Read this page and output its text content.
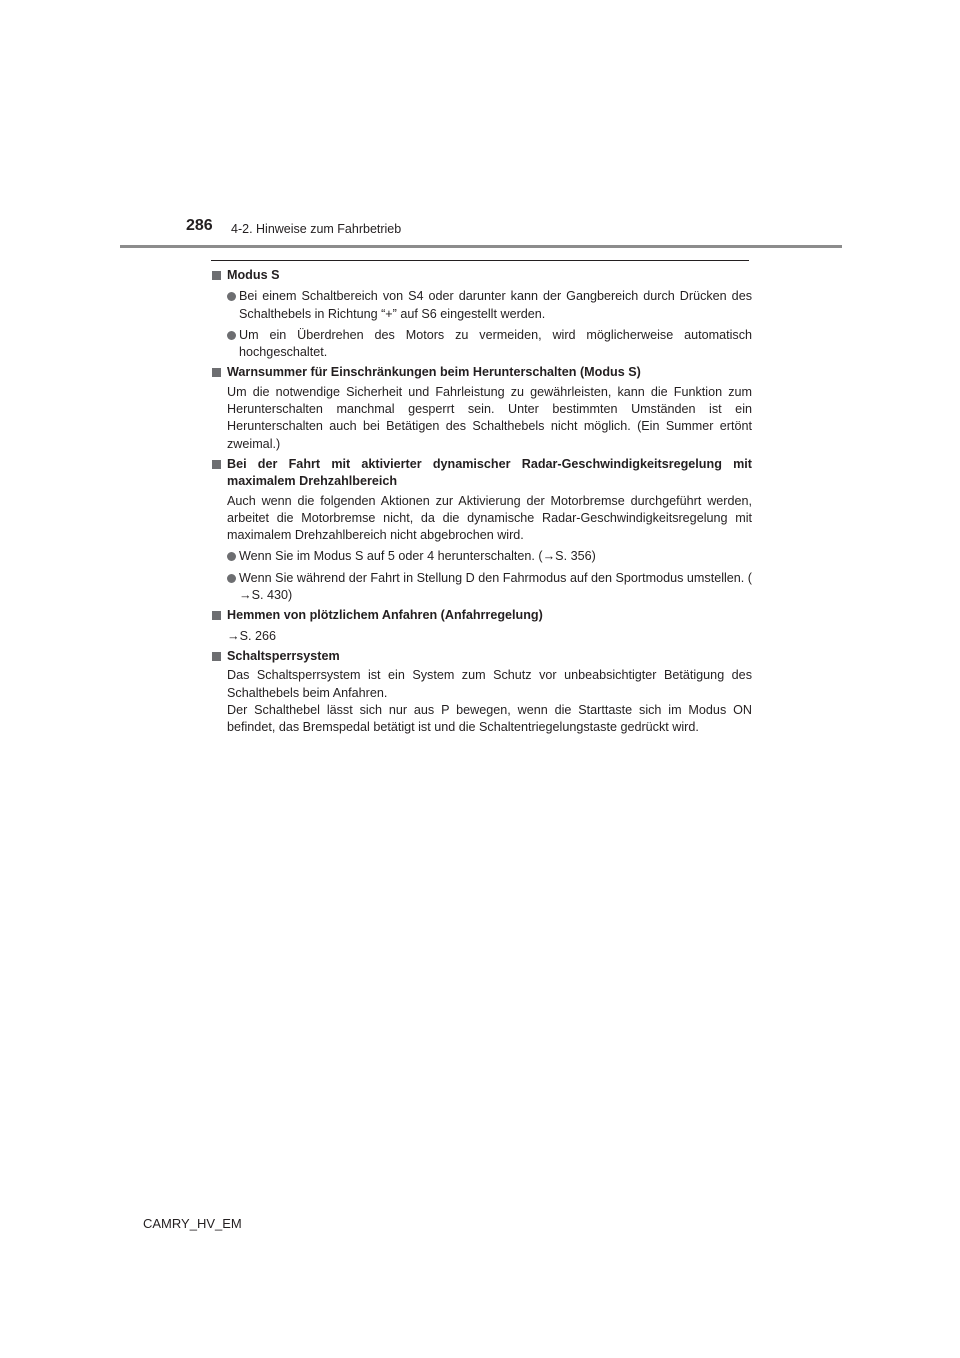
286 4-2. Hinweise zum Fahrbetrieb
Modus S
Bei einem Schaltbereich von S4 oder darunter kann der Gangbereich durch Drücken des Schalthebels in Richtung “+” auf S6 eingestellt werden.
Um ein Überdrehen des Motors zu vermeiden, wird möglicherweise automatisch hochgeschaltet.
Warnsummer für Einschränkungen beim Herunterschalten (Modus S)
Um die notwendige Sicherheit und Fahrleistung zu gewährleisten, kann die Funktion zum Herunterschalten manchmal gesperrt sein. Unter bestimmten Umständen ist ein Herunterschalten auch bei Betätigen des Schalthebels nicht möglich. (Ein Summer ertönt zweimal.)
Bei der Fahrt mit aktivierter dynamischer Radar-Geschwindigkeitsregelung mit maximalem Drehzahlbereich
Auch wenn die folgenden Aktionen zur Aktivierung der Motorbremse durchgeführt werden, arbeitet die Motorbremse nicht, da die dynamische Radar-Geschwindigkeitsregelung mit maximalem Drehzahlbereich nicht abgebrochen wird.
Wenn Sie im Modus S auf 5 oder 4 herunterschalten. (→S. 356)
Wenn Sie während der Fahrt in Stellung D den Fahrmodus auf den Sportmodus umstellen. (→S. 430)
Hemmen von plötzlichem Anfahren (Anfahrregelung)
→S. 266
Schaltsperrsystem
Das Schaltsperrsystem ist ein System zum Schutz vor unbeabsichtigter Betätigung des Schalthebels beim Anfahren.
Der Schalthebel lässt sich nur aus P bewegen, wenn die Starttaste sich im Modus ON befindet, das Bremspedal betätigt ist und die Schaltentriegelungstaste gedrückt wird.
CAMRY_HV_EM
